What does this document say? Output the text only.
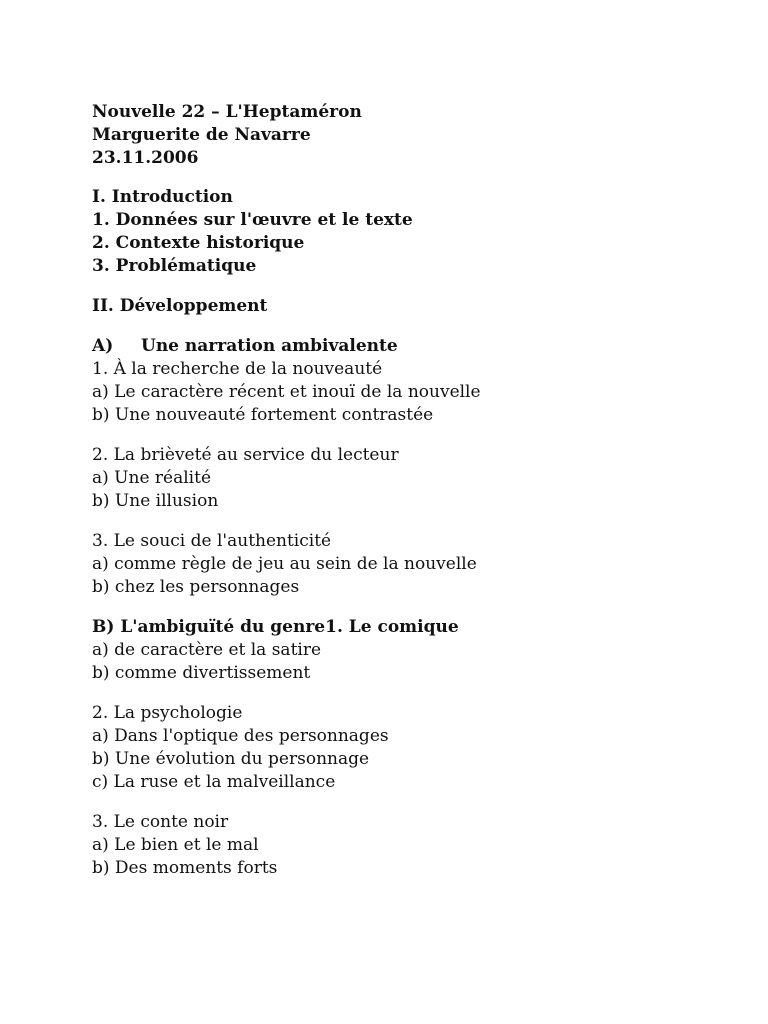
Nouvelle 22 – L'Heptaméron
Marguerite de Navarre
23.11.2006
I. Introduction
1. Données sur l'œuvre et le texte
2. Contexte historique
3. Problématique
II. Développement
A) Une narration ambivalente
1. À la recherche de la nouveauté
a) Le caractère récent et inouï de la nouvelle
b) Une nouveauté fortement contrastée
2. La brièveté au service du lecteur
a) Une réalité
b) Une illusion
3. Le souci de l'authenticité
a) comme règle de jeu au sein de la nouvelle
b) chez les personnages
B) L'ambiguïté du genre1. Le comique
a) de caractère et la satire
b) comme divertissement
2. La psychologie
a) Dans l'optique des personnages
b) Une évolution du personnage
c) La ruse et la malveillance
3. Le conte noir
a) Le bien et le mal
b) Des moments forts
